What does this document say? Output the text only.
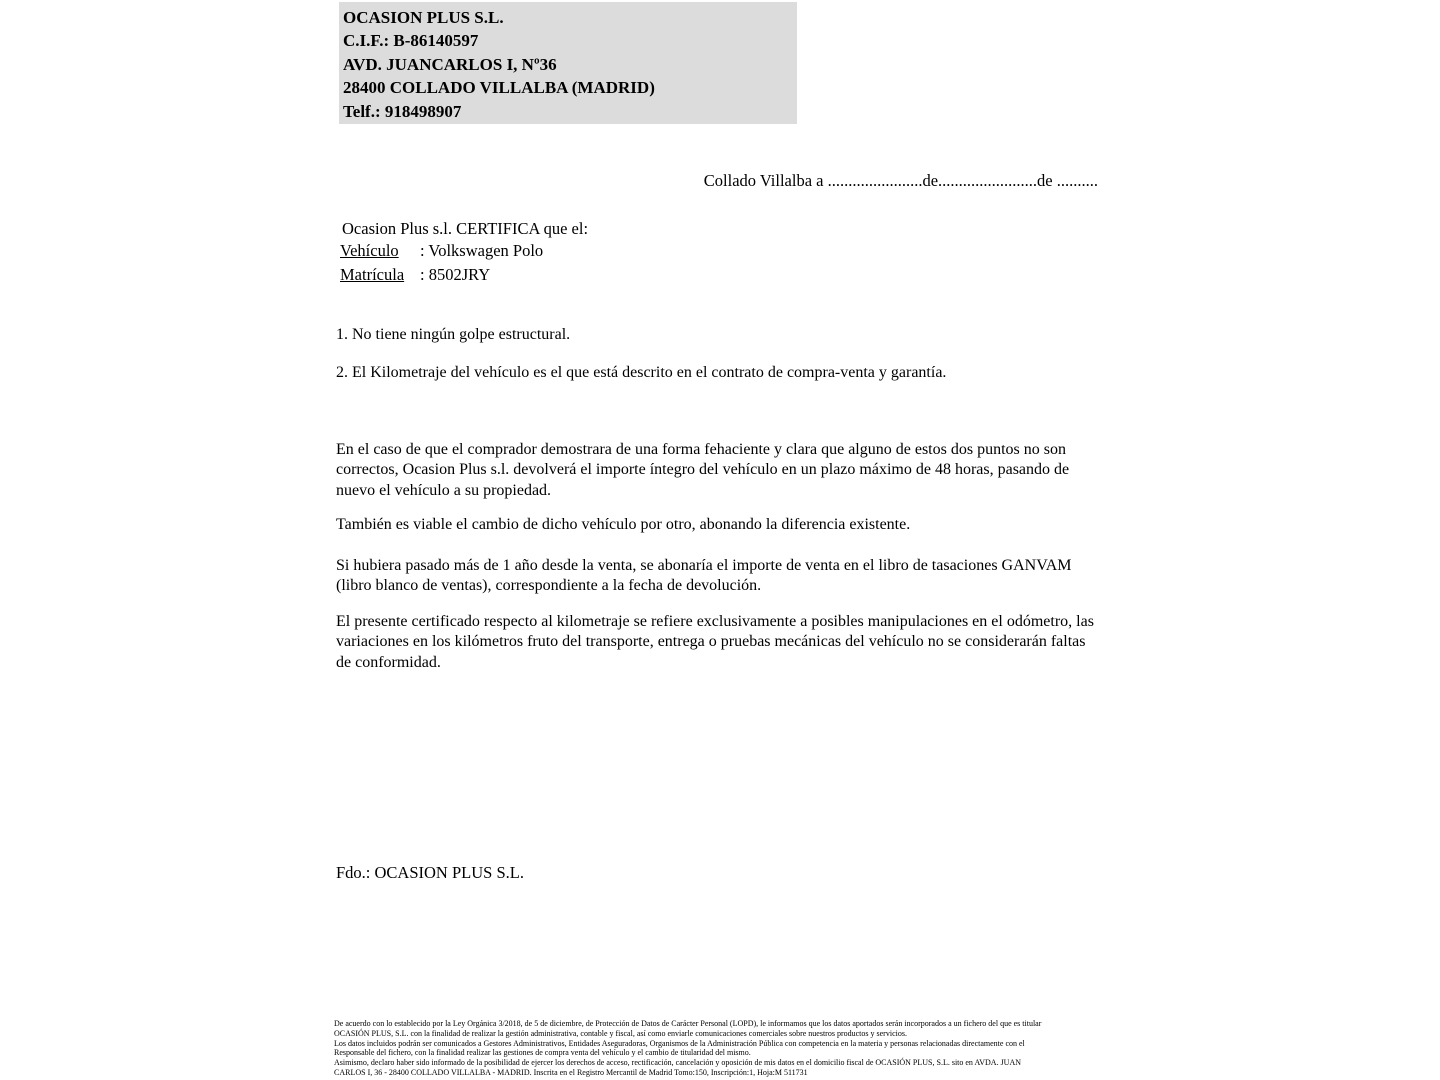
OCASION PLUS S.L.
C.I.F.: B-86140597
AVD. JUANCARLOS I, Nº36
28400 COLLADO VILLALBA (MADRID)
Telf.: 918498907
Collado Villalba a .......................de........................de ..........
Ocasion Plus s.l. CERTIFICA que el:
Vehículo : Volkswagen Polo
Matrícula : 8502JRY
1. No tiene ningún golpe estructural.
2. El Kilometraje del vehículo es el que está descrito en el contrato de compra-venta y garantía.
En el caso de que el comprador demostrara de una forma fehaciente y clara que alguno de estos dos puntos no son correctos, Ocasion Plus s.l. devolverá el importe íntegro del vehículo en un plazo máximo de 48 horas, pasando de nuevo el vehículo a su propiedad.
También es viable el cambio de dicho vehículo por otro, abonando la diferencia existente.
Si hubiera pasado más de 1 año desde la venta, se abonaría el importe de venta en el libro de tasaciones GANVAM (libro blanco de ventas), correspondiente a la fecha de devolución.
El presente certificado respecto al kilometraje se refiere exclusivamente a posibles manipulaciones en el odómetro, las variaciones en los kilómetros fruto del transporte, entrega o pruebas mecánicas del vehículo no se considerarán faltas de conformidad.
Fdo.: OCASION PLUS S.L.
De acuerdo con lo establecido por la Ley Orgánica 3/2018, de 5 de diciembre, de Protección de Datos de Carácter Personal (LOPD), le informamos que los datos aportados serán incorporados a un fichero del que es titular
OCASIÓN PLUS, S.L. con la finalidad de realizar la gestión administrativa, contable y fiscal, así como enviarle comunicaciones comerciales sobre nuestros productos y servicios.
Los datos incluidos podrán ser comunicados a Gestores Administrativos, Entidades Aseguradoras, Organismos de la Administración Pública con competencia en la materia y personas relacionadas directamente con el
Responsable del fichero, con la finalidad realizar las gestiones de compra venta del vehículo y el cambio de titularidad del mismo.
Asimismo, declaro haber sido informado de la posibilidad de ejercer los derechos de acceso, rectificación, cancelación y oposición de mis datos en el domicilio fiscal de OCASIÓN PLUS, S.L. sito en AVDA. JUAN
CARLOS I, 36 - 28400 COLLADO VILLALBA - MADRID. Inscrita en el Registro Mercantil de Madrid Tomo:150, Inscripción:1, Hoja:M 511731
